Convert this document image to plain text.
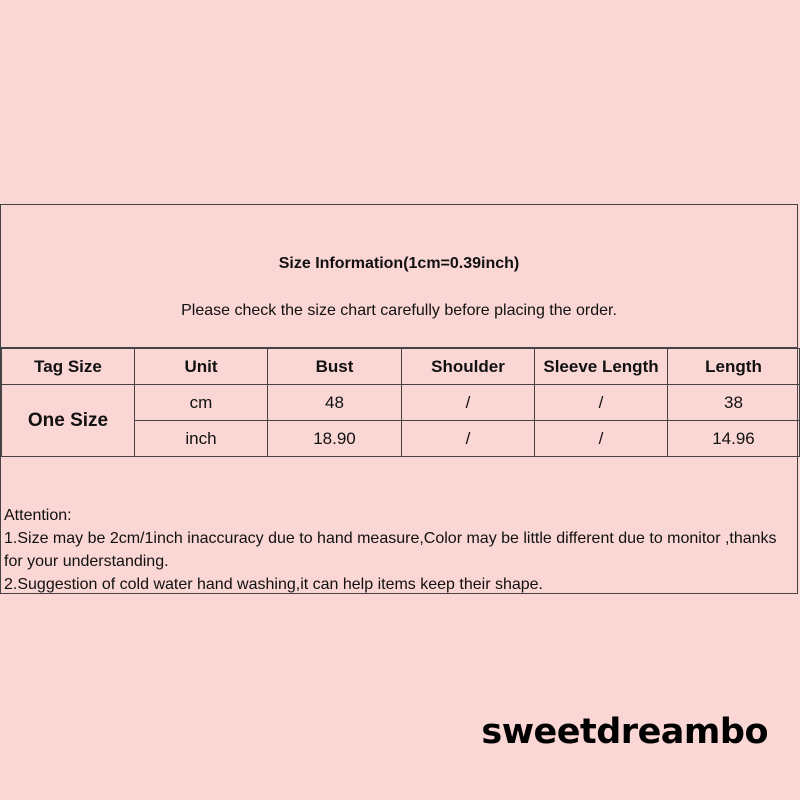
Size Information(1cm=0.39inch)
Please check the size chart carefully before placing the order.
Tag Size	Unit	Bust	Shoulder	Sleeve Length	Length
One Size	cm	48	/	/	38
	inch	18.90	/	/	14.96
Attention:
1.Size may be 2cm/1inch inaccuracy due to hand measure,Color may be little different due to monitor ,thanks for your understanding.
2.Suggestion of cold water hand washing,it can help items keep their shape.
sweetdreambo
